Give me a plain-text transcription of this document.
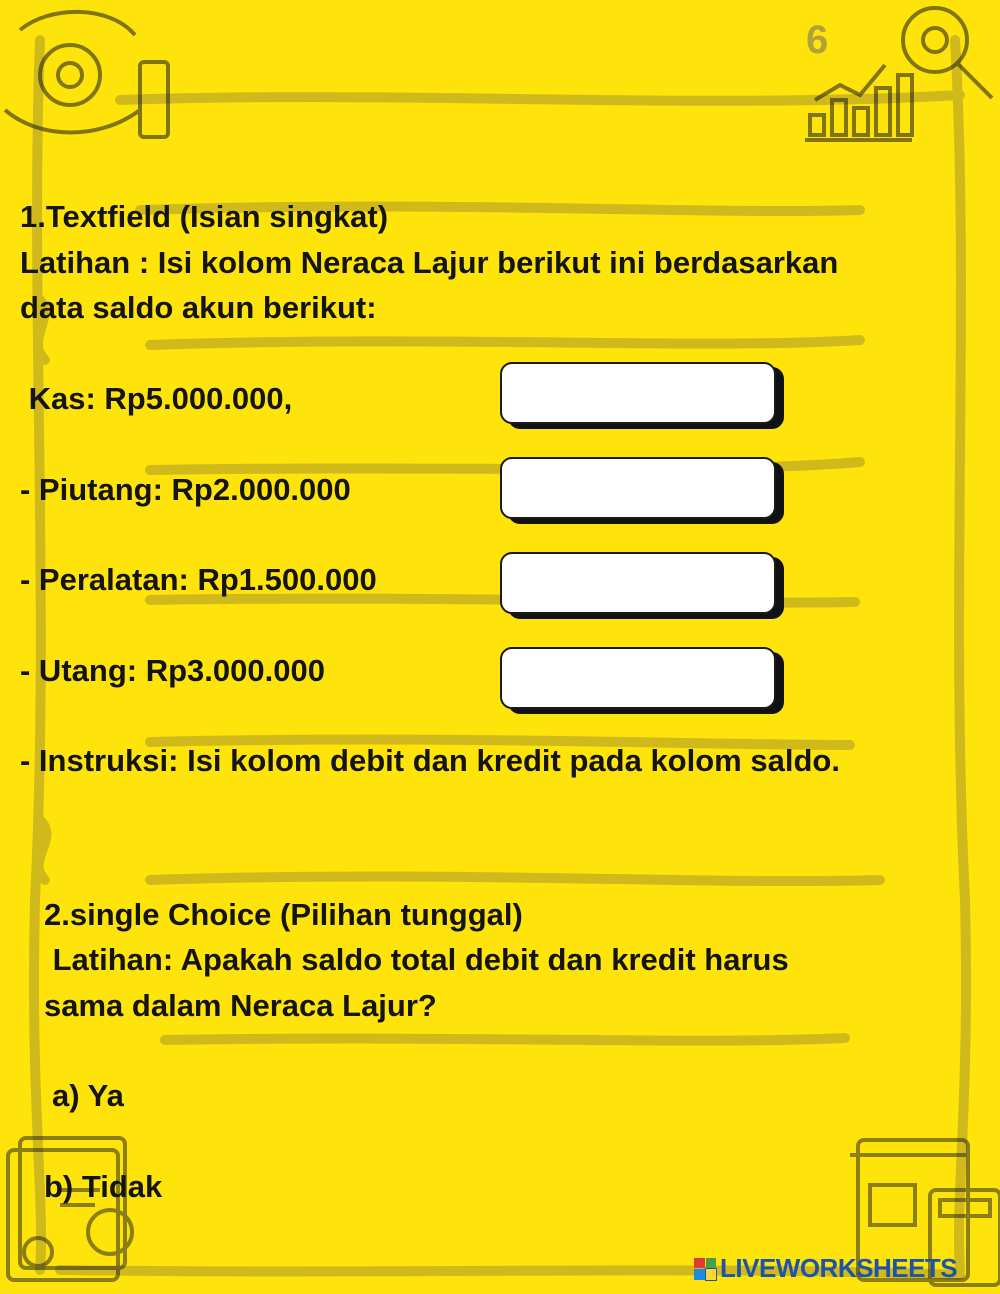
6
1.Textfield (Isian singkat)
Latihan : Isi kolom Neraca Lajur berikut ini berdasarkan
data saldo akun berikut:
Kas: Rp5.000.000,
- Piutang: Rp2.000.000
- Peralatan: Rp1.500.000
- Utang: Rp3.000.000
- Instruksi: Isi kolom debit dan kredit pada kolom saldo.
2.single Choice (Pilihan tunggal)
Latihan: Apakah saldo total debit dan kredit harus
sama dalam Neraca Lajur?
a) Ya
b) Tidak
LIVEWORKSHEETS
